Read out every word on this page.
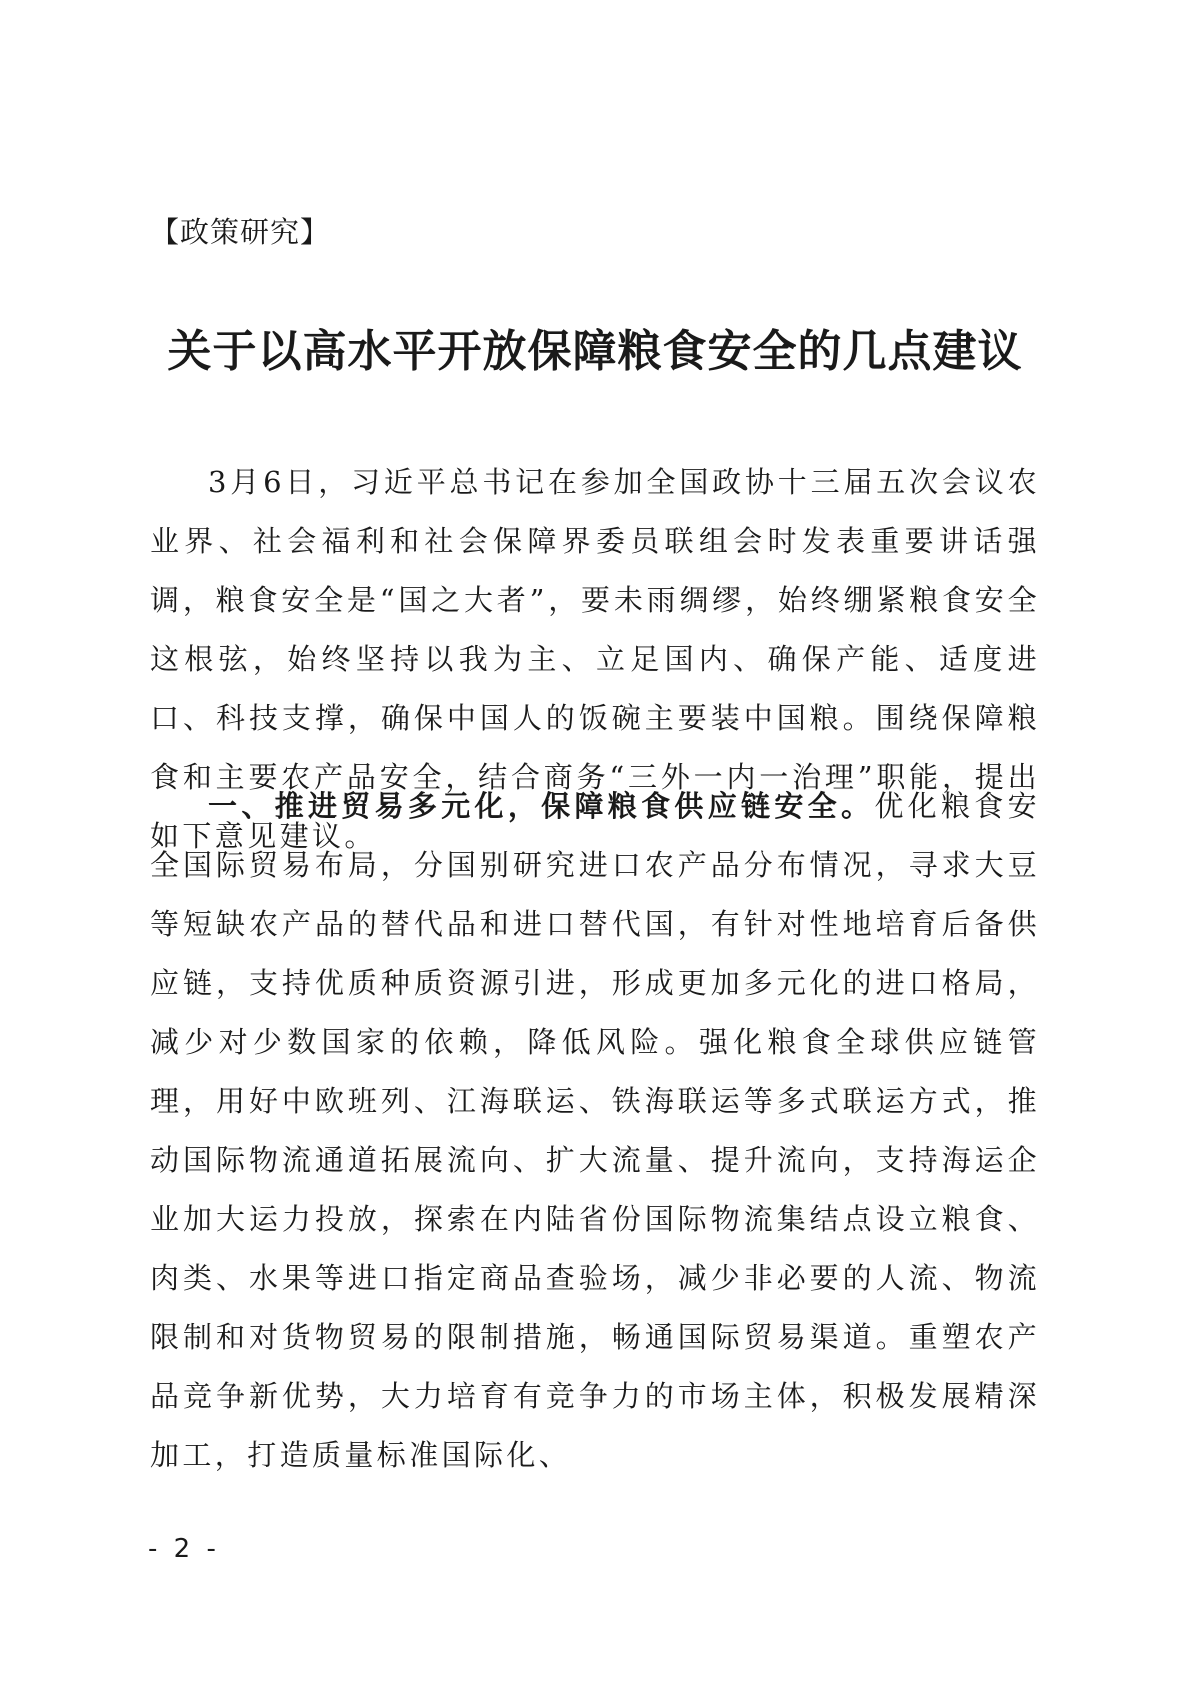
【政策研究】
关于以高水平开放保障粮食安全的几点建议

3月6日，习近平总书记在参加全国政协十三届五次会议农业界、社会福利和社会保障界委员联组会时发表重要讲话强调，粮食安全是“国之大者”，要未雨绸缪，始终绷紧粮食安全这根弦，始终坚持以我为主、立足国内、确保产能、适度进口、科技支撑，确保中国人的饭碗主要装中国粮。围绕保障粮食和主要农产品安全，结合商务“三外一内一治理”职能，提出如下意见建议。

一、推进贸易多元化，保障粮食供应链安全。优化粮食安全国际贸易布局，分国别研究进口农产品分布情况，寻求大豆等短缺农产品的替代品和进口替代国，有针对性地培育后备供应链，支持优质种质资源引进，形成更加多元化的进口格局，减少对少数国家的依赖，降低风险。强化粮食全球供应链管理，用好中欧班列、江海联运、铁海联运等多式联运方式，推动国际物流通道拓展流向、扩大流量、提升流向，支持海运企业加大运力投放，探索在内陆省份国际物流集结点设立粮食、肉类、水果等进口指定商品查验场，减少非必要的人流、物流限制和对货物贸易的限制措施，畅通国际贸易渠道。重塑农产品竞争新优势，大力培育有竞争力的市场主体，积极发展精深加工，打造质量标准国际化、

- 2 -
